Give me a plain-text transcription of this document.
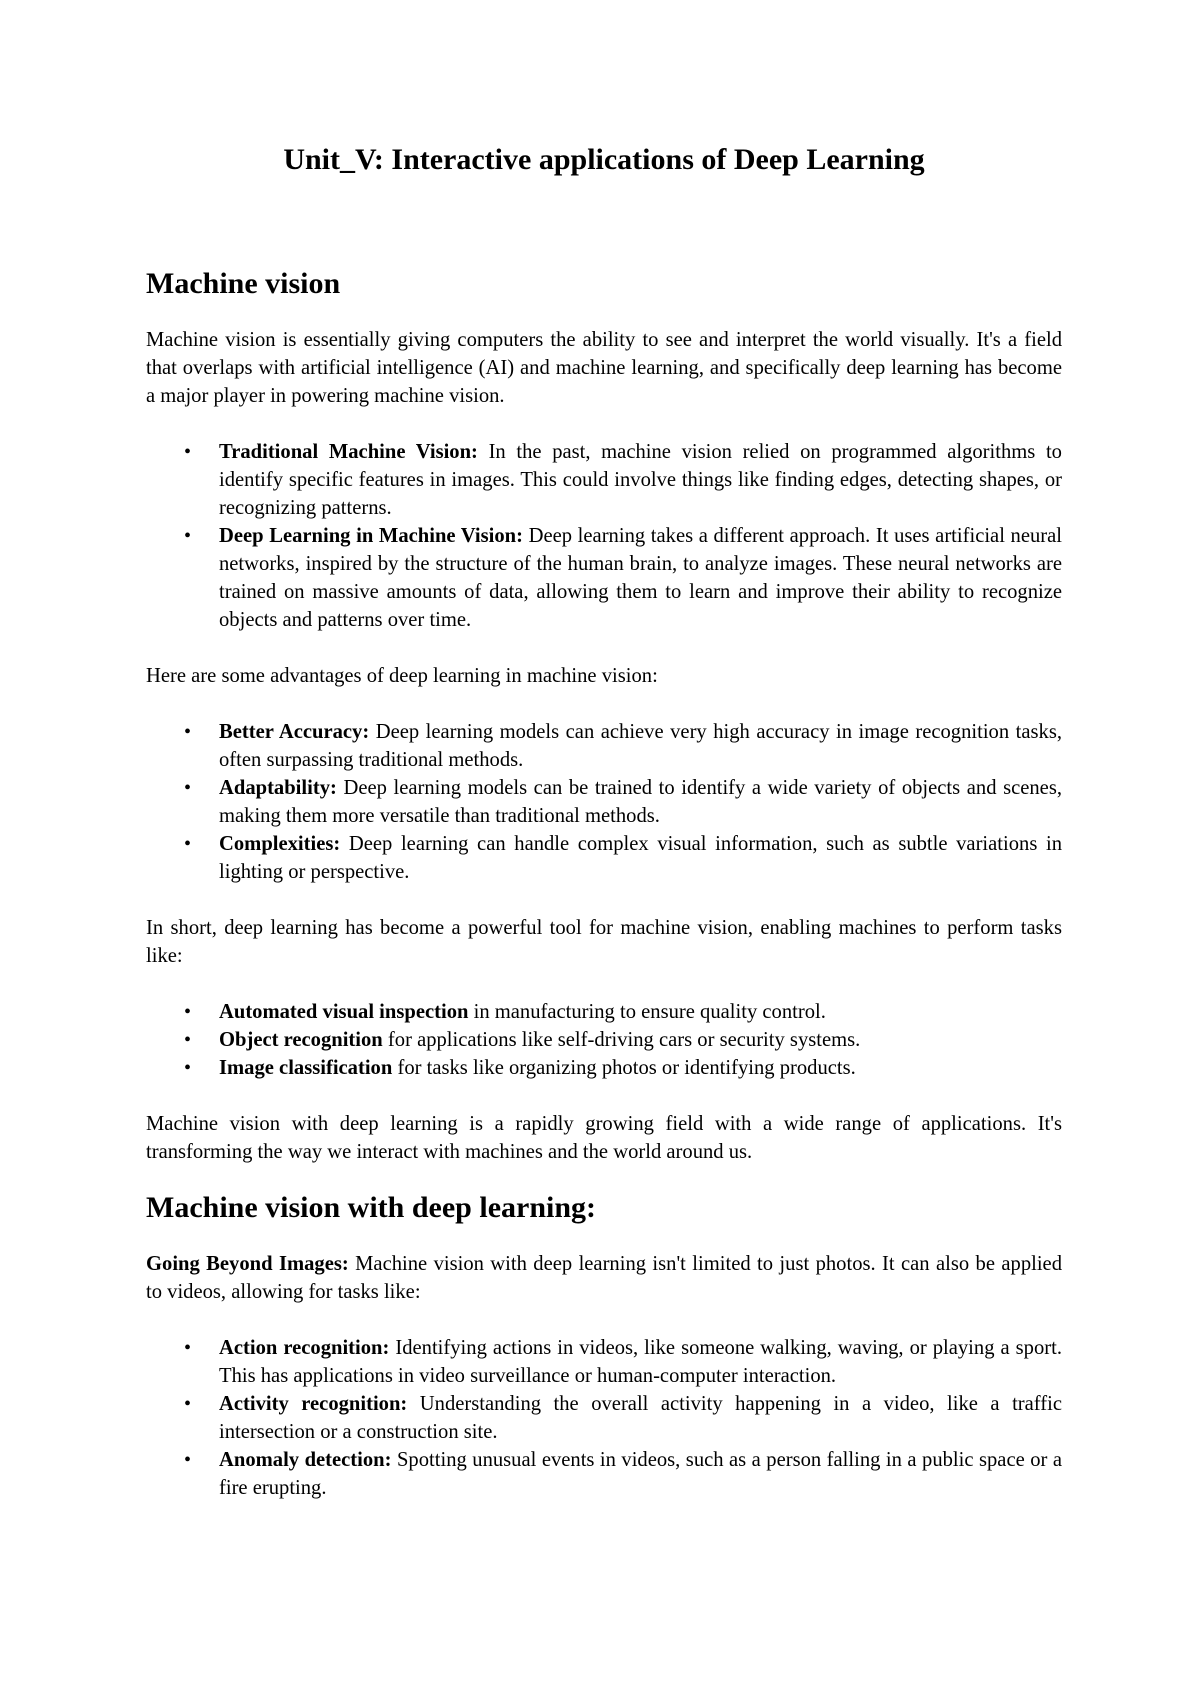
Unit_V: Interactive applications of Deep Learning
Machine vision

Machine vision is essentially giving computers the ability to see and interpret the world visually. It's a field that overlaps with artificial intelligence (AI) and machine learning, and specifically deep learning has become a major player in powering machine vision.

• Traditional Machine Vision: In the past, machine vision relied on programmed algorithms to identify specific features in images. This could involve things like finding edges, detecting shapes, or recognizing patterns.
• Deep Learning in Machine Vision: Deep learning takes a different approach. It uses artificial neural networks, inspired by the structure of the human brain, to analyze images. These neural networks are trained on massive amounts of data, allowing them to learn and improve their ability to recognize objects and patterns over time.

Here are some advantages of deep learning in machine vision:

• Better Accuracy: Deep learning models can achieve very high accuracy in image recognition tasks, often surpassing traditional methods.
• Adaptability: Deep learning models can be trained to identify a wide variety of objects and scenes, making them more versatile than traditional methods.
• Complexities: Deep learning can handle complex visual information, such as subtle variations in lighting or perspective.

In short, deep learning has become a powerful tool for machine vision, enabling machines to perform tasks like:

• Automated visual inspection in manufacturing to ensure quality control.
• Object recognition for applications like self-driving cars or security systems.
• Image classification for tasks like organizing photos or identifying products.

Machine vision with deep learning is a rapidly growing field with a wide range of applications. It's transforming the way we interact with machines and the world around us.

Machine vision with deep learning:

Going Beyond Images: Machine vision with deep learning isn't limited to just photos. It can also be applied to videos, allowing for tasks like:

• Action recognition: Identifying actions in videos, like someone walking, waving, or playing a sport. This has applications in video surveillance or human-computer interaction.
• Activity recognition: Understanding the overall activity happening in a video, like a traffic intersection or a construction site.
• Anomaly detection: Spotting unusual events in videos, such as a person falling in a public space or a fire erupting.
